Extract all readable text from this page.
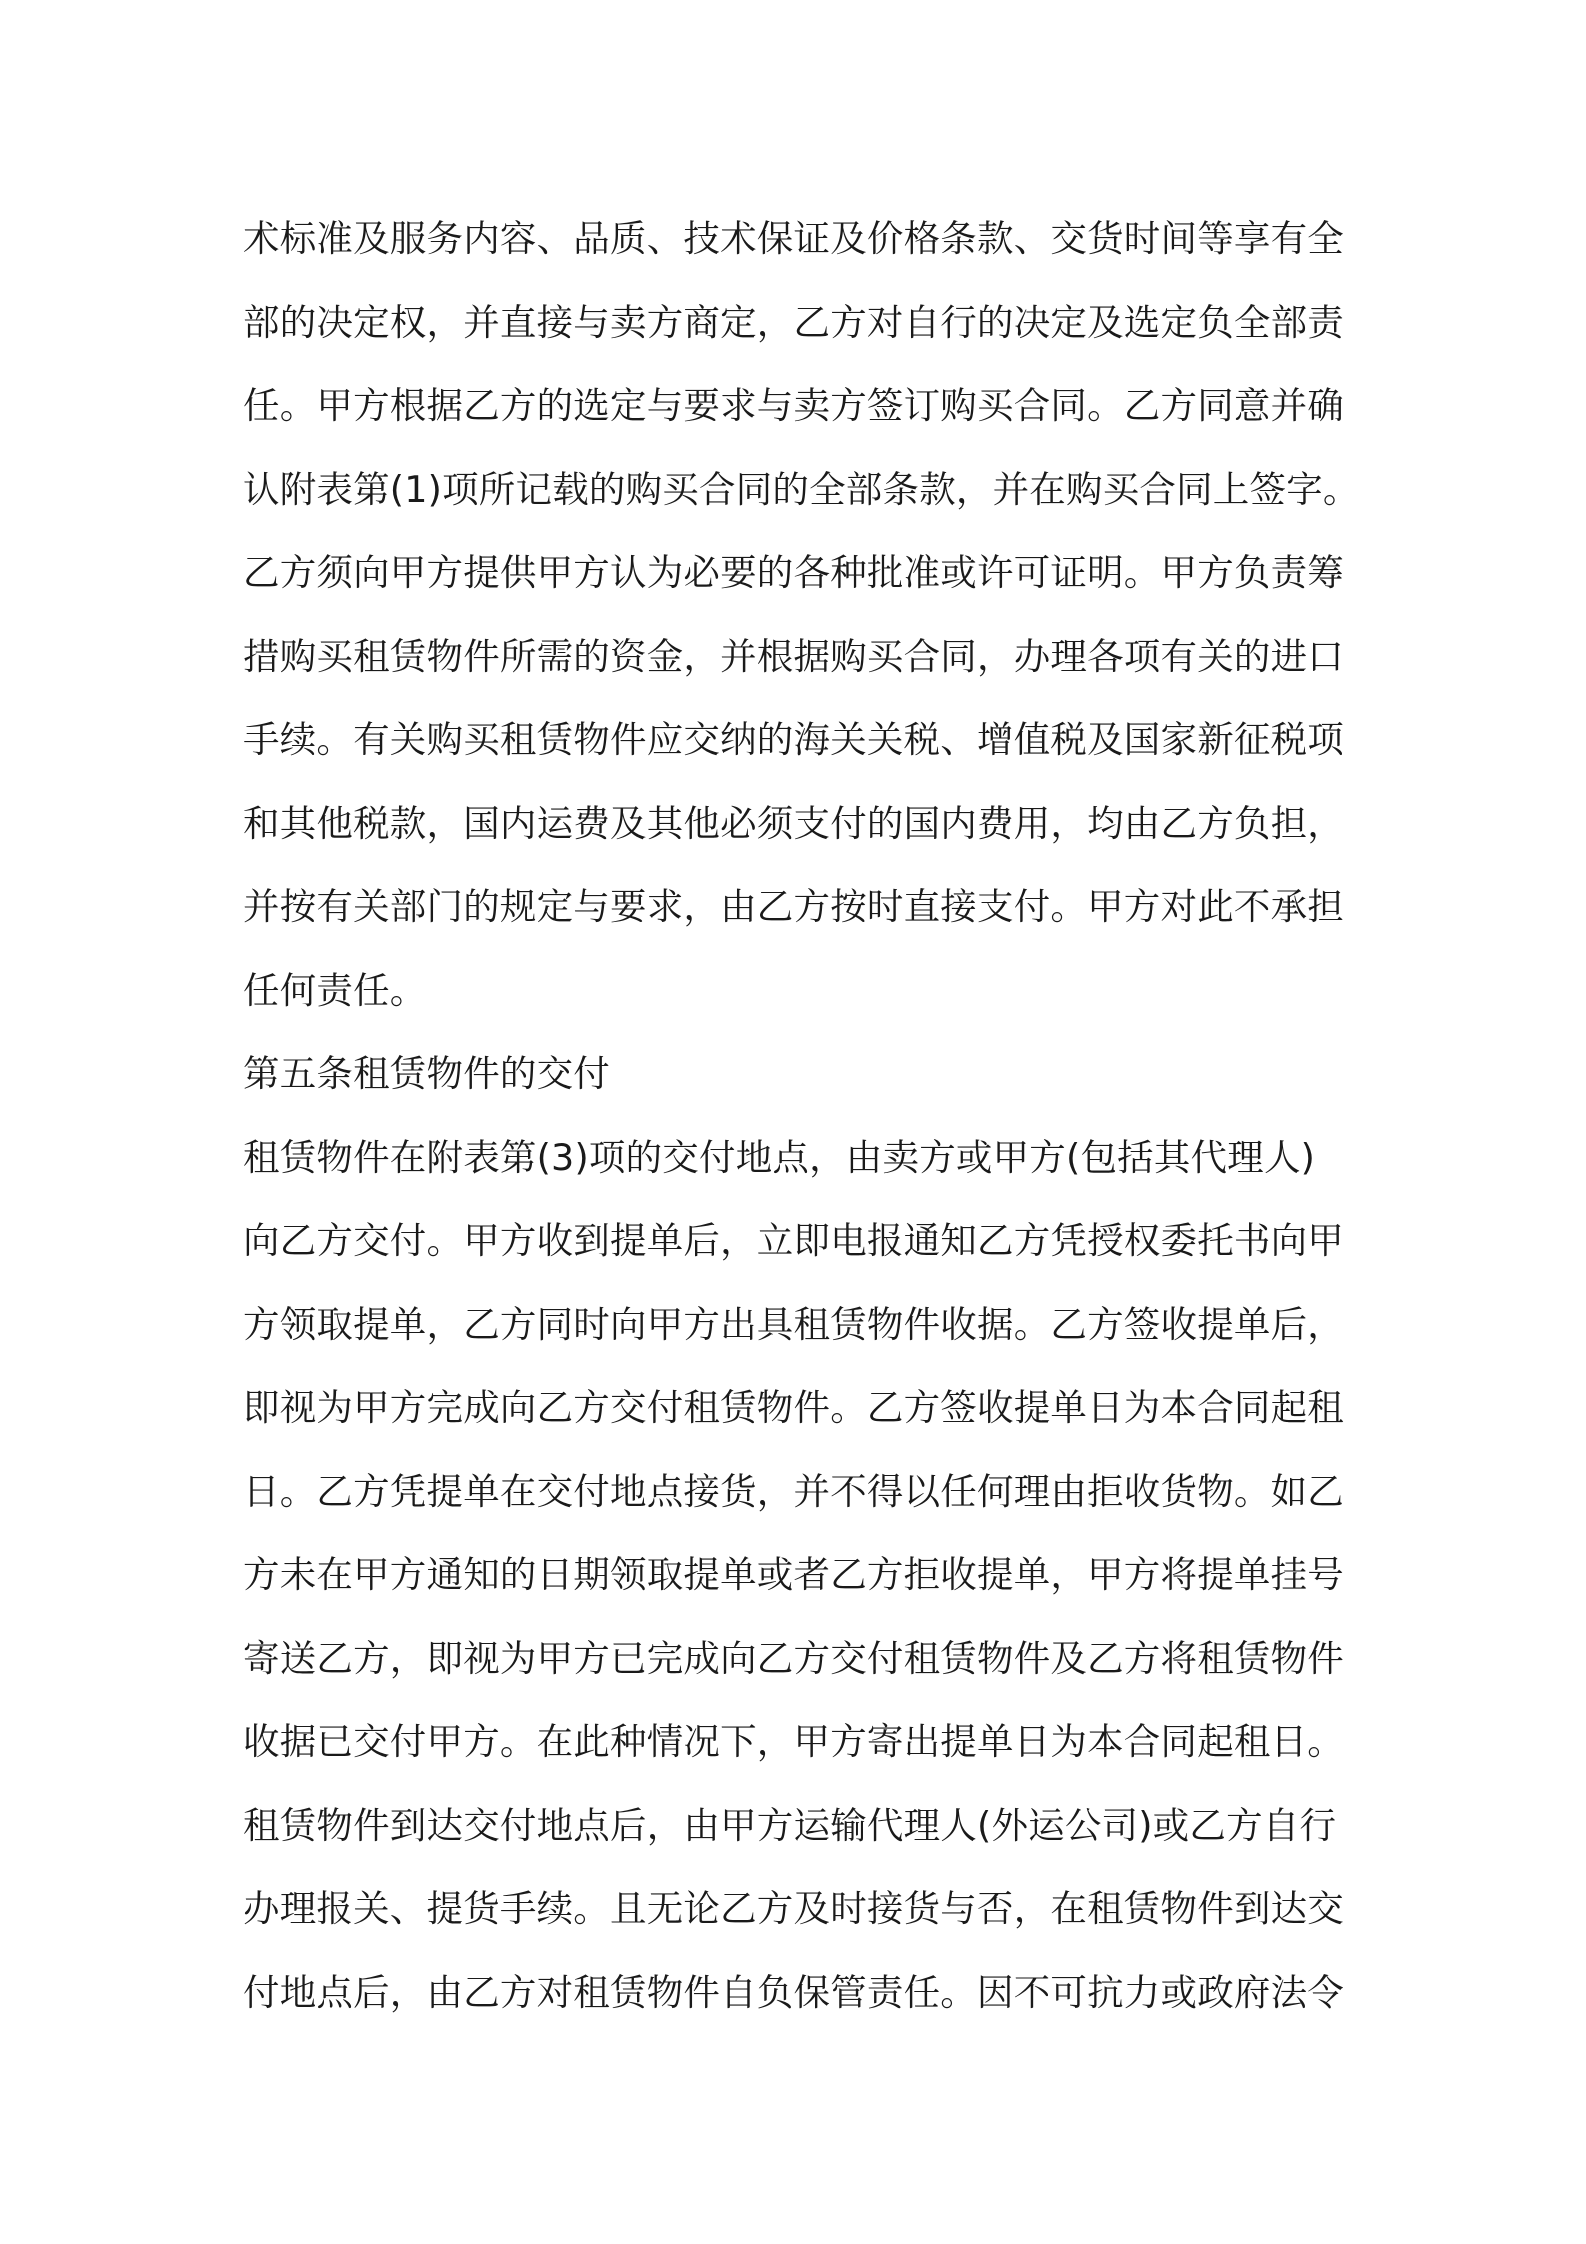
术标准及服务内容、品质、技术保证及价格条款、交货时间等享有全
部的决定权，并直接与卖方商定，乙方对自行的决定及选定负全部责
任。甲方根据乙方的选定与要求与卖方签订购买合同。乙方同意并确
认附表第(1)项所记载的购买合同的全部条款，并在购买合同上签字。
乙方须向甲方提供甲方认为必要的各种批准或许可证明。甲方负责筹
措购买租赁物件所需的资金，并根据购买合同，办理各项有关的进口
手续。有关购买租赁物件应交纳的海关关税、增值税及国家新征税项
和其他税款，国内运费及其他必须支付的国内费用，均由乙方负担，
并按有关部门的规定与要求，由乙方按时直接支付。甲方对此不承担
任何责任。
第五条租赁物件的交付
租赁物件在附表第(3)项的交付地点，由卖方或甲方(包括其代理人)
向乙方交付。甲方收到提单后，立即电报通知乙方凭授权委托书向甲
方领取提单，乙方同时向甲方出具租赁物件收据。乙方签收提单后，
即视为甲方完成向乙方交付租赁物件。乙方签收提单日为本合同起租
日。乙方凭提单在交付地点接货，并不得以任何理由拒收货物。如乙
方未在甲方通知的日期领取提单或者乙方拒收提单，甲方将提单挂号
寄送乙方，即视为甲方已完成向乙方交付租赁物件及乙方将租赁物件
收据已交付甲方。在此种情况下，甲方寄出提单日为本合同起租日。
租赁物件到达交付地点后，由甲方运输代理人(外运公司)或乙方自行
办理报关、提货手续。且无论乙方及时接货与否，在租赁物件到达交
付地点后，由乙方对租赁物件自负保管责任。因不可抗力或政府法令
